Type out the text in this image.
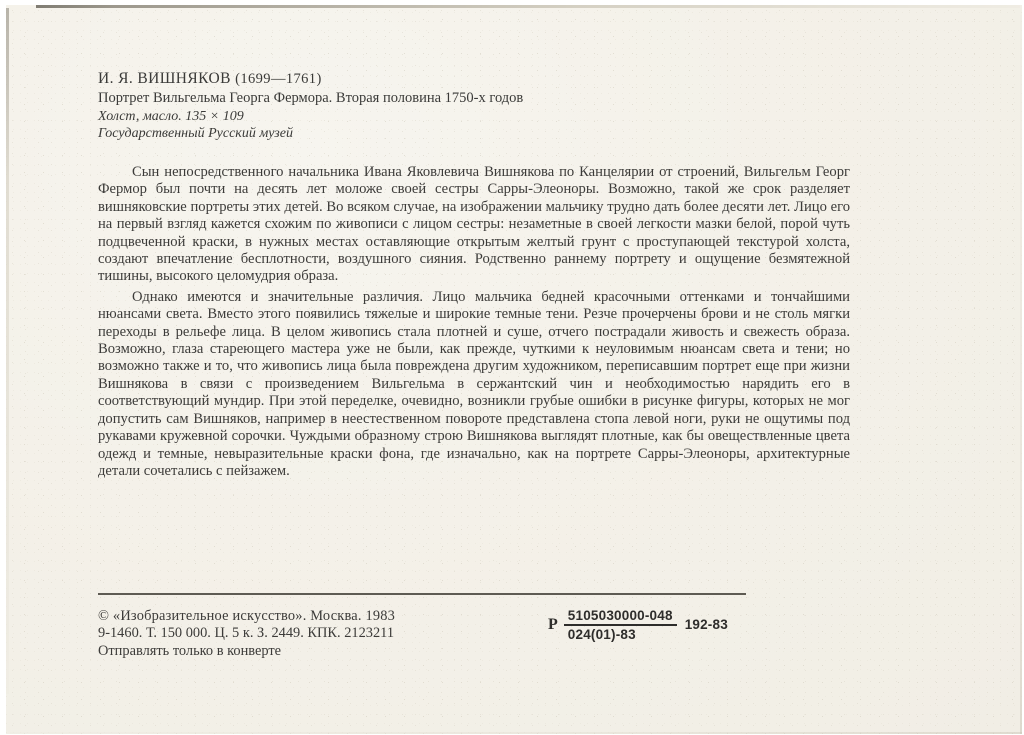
И. Я. ВИШНЯКОВ (1699—1761)
Портрет Вильгельма Георга Фермора. Вторая половина 1750-х годов
Холст, масло. 135 × 109
Государственный Русский музей

Сын непосредственного начальника Ивана Яковлевича Вишнякова по Канцелярии от строений, Вильгельм Георг Фермор был почти на десять лет моложе своей сестры Сарры-Элеоноры. Возможно, такой же срок разделяет вишняковские портреты этих детей. Во всяком случае, на изображении мальчику трудно дать более десяти лет. Лицо его на первый взгляд кажется схожим по живописи с лицом сестры: незаметные в своей легкости мазки белой, порой чуть подцвеченной краски, в нужных местах оставляющие открытым желтый грунт с проступающей текстурой холста, создают впечатление бесплотности, воздушного сияния. Родственно раннему портрету и ощущение безмятежной тишины, высокого целомудрия образа.

Однако имеются и значительные различия. Лицо мальчика бедней красочными оттенками и тончайшими нюансами света. Вместо этого появились тяжелые и широкие темные тени. Резче прочерчены брови и не столь мягки переходы в рельефе лица. В целом живопись стала плотней и суше, отчего пострадали живость и свежесть образа. Возможно, глаза стареющего мастера уже не были, как прежде, чуткими к неуловимым нюансам света и тени; но возможно также и то, что живопись лица была повреждена другим художником, переписавшим портрет еще при жизни Вишнякова в связи с произведением Вильгельма в сержантский чин и необходимостью нарядить его в соответствующий мундир. При этой переделке, очевидно, возникли грубые ошибки в рисунке фигуры, которых не мог допустить сам Вишняков, например в неестественном повороте представлена стопа левой ноги, руки не ощутимы под рукавами кружевной сорочки. Чуждыми образному строю Вишнякова выглядят плотные, как бы овеществленные цвета одежд и темные, невыразительные краски фона, где изначально, как на портрете Сарры-Элеоноры, архитектурные детали сочетались с пейзажем.

© «Изобразительное искусство». Москва. 1983
9-1460. Т. 150 000. Ц. 5 к. З. 2449. КПК. 2123211
Отправлять только в конверте
Р $\frac{5105030000-048}{024(01)-83} 192-83$
